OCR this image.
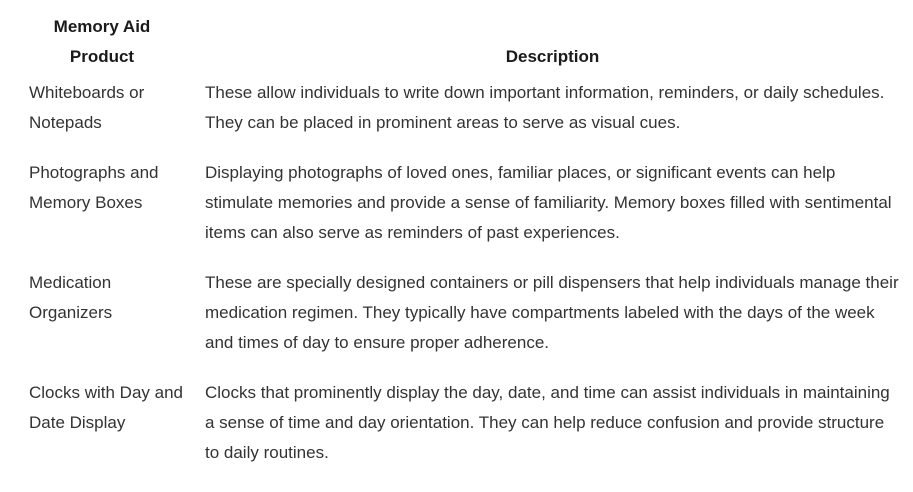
Memory Aid Product	Description
Whiteboards or Notepads	These allow individuals to write down important information, reminders, or daily schedules. They can be placed in prominent areas to serve as visual cues.
Photographs and Memory Boxes	Displaying photographs of loved ones, familiar places, or significant events can help stimulate memories and provide a sense of familiarity. Memory boxes filled with sentimental items can also serve as reminders of past experiences.
Medication Organizers	These are specially designed containers or pill dispensers that help individuals manage their medication regimen. They typically have compartments labeled with the days of the week and times of day to ensure proper adherence.
Clocks with Day and Date Display	Clocks that prominently display the day, date, and time can assist individuals in maintaining a sense of time and day orientation. They can help reduce confusion and provide structure to daily routines.
